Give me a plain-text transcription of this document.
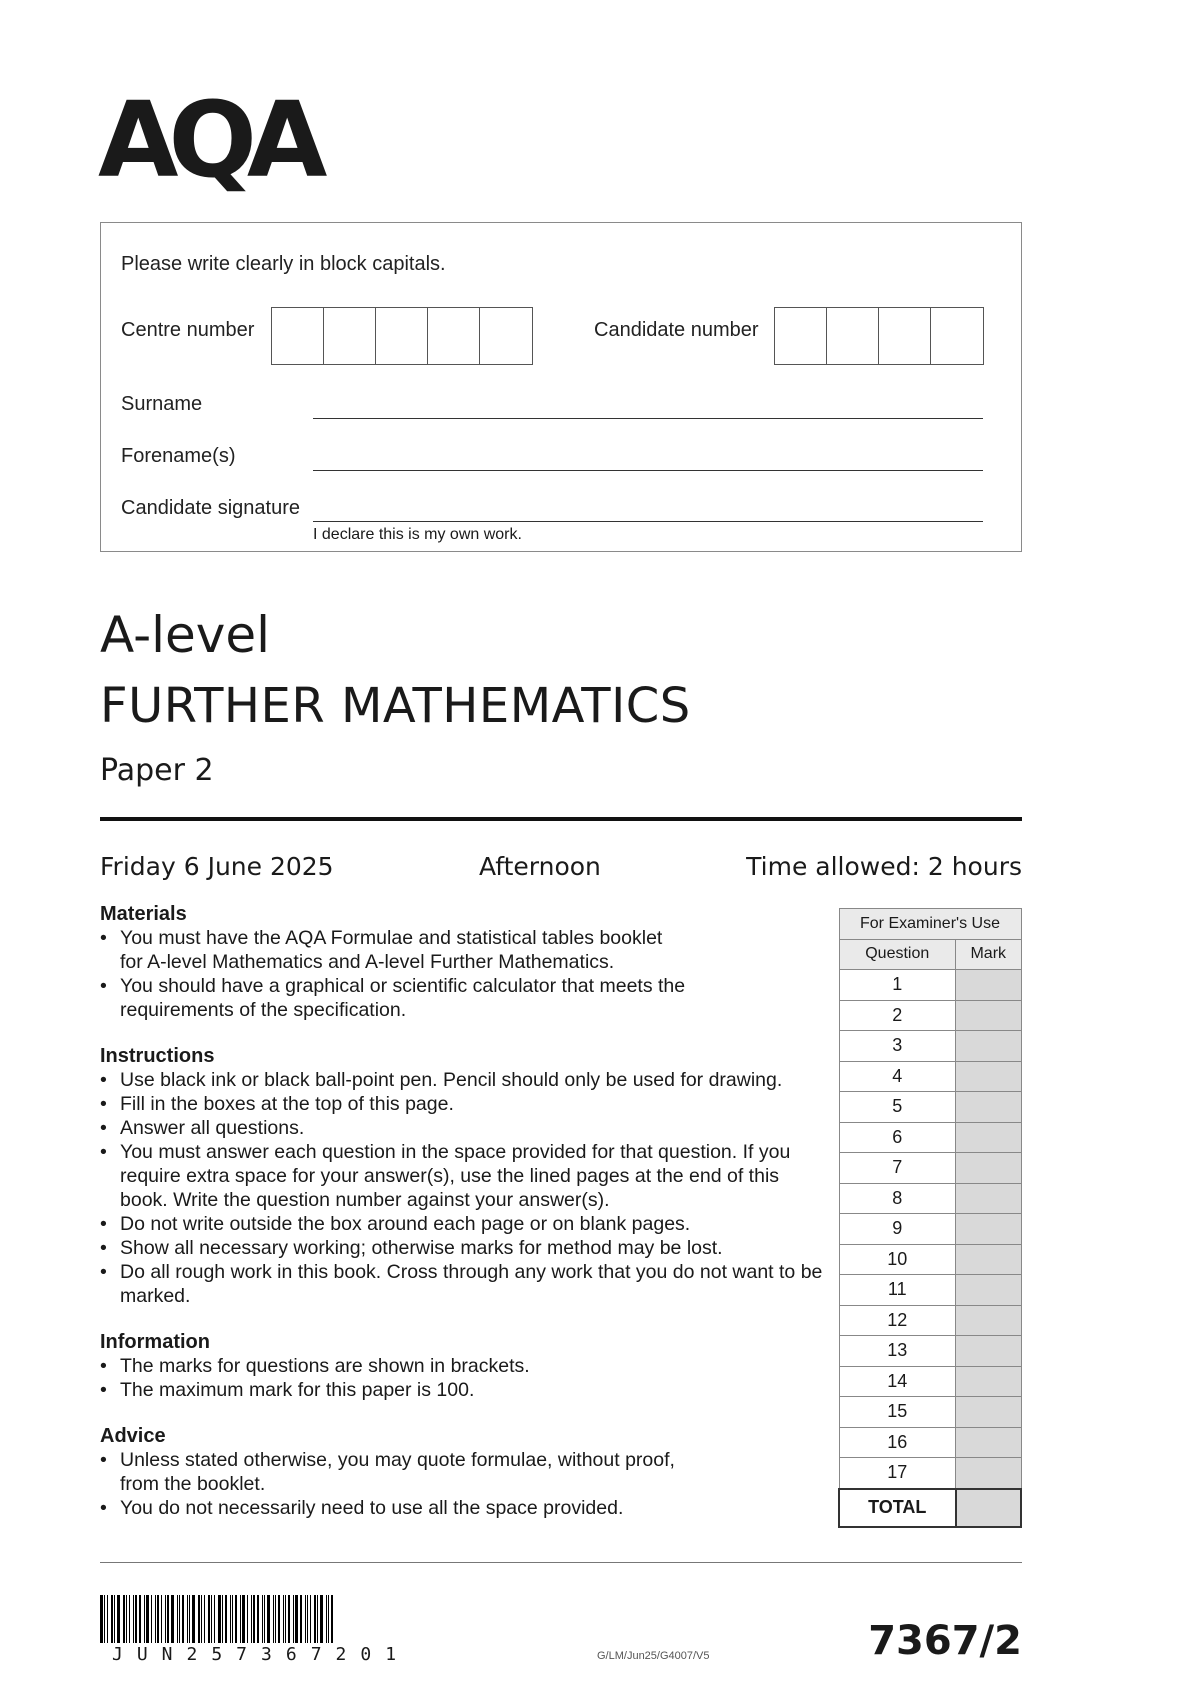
AQA
Please write clearly in block capitals.
Centre number	Candidate number
Surname
Forename(s)
Candidate signature
I declare this is my own work.
A-level
FURTHER MATHEMATICS
Paper 2
Friday 6 June 2025	Afternoon	Time allowed: 2 hours
Materials
• You must have the AQA Formulae and statistical tables booklet for A-level Mathematics and A-level Further Mathematics.
• You should have a graphical or scientific calculator that meets the requirements of the specification.
Instructions
• Use black ink or black ball-point pen. Pencil should only be used for drawing.
• Fill in the boxes at the top of this page.
• Answer all questions.
• You must answer each question in the space provided for that question. If you require extra space for your answer(s), use the lined pages at the end of this book. Write the question number against your answer(s).
• Do not write outside the box around each page or on blank pages.
• Show all necessary working; otherwise marks for method may be lost.
• Do all rough work in this book. Cross through any work that you do not want to be marked.
Information
• The marks for questions are shown in brackets.
• The maximum mark for this paper is 100.
Advice
• Unless stated otherwise, you may quote formulae, without proof, from the booklet.
• You do not necessarily need to use all the space provided.
For Examiner's Use	
Question	Mark
1	
2	
3	
4	
5	
6	
7	
8	
9	
10	
11	
12	
13	
14	
15	
16	
17	
TOTAL	
JUN257367201	G/LM/Jun25/G4007/V5	7367/2
